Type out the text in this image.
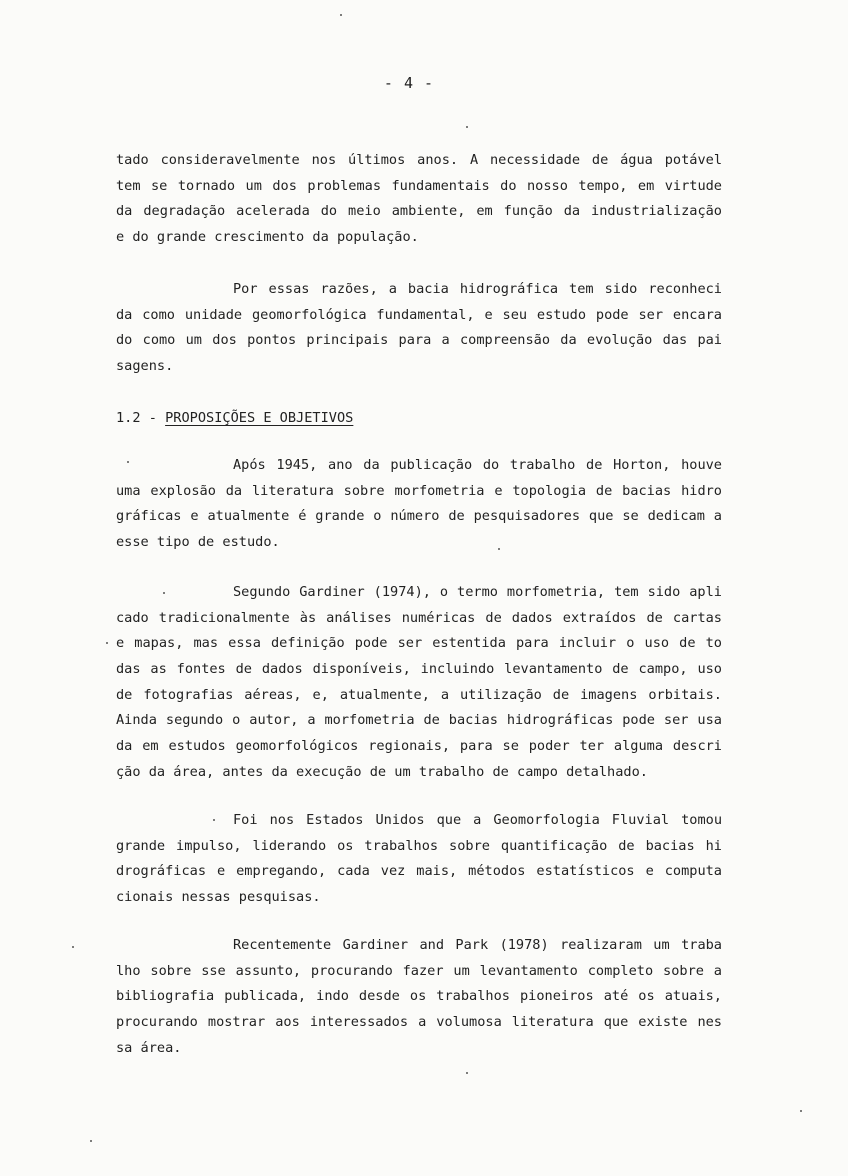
- 4 -
tado consideravelmente nos últimos anos. A necessidade de água potável
tem se tornado um dos problemas fundamentais do nosso tempo, em virtude
da degradação acelerada do meio ambiente, em função da industrialização
e do grande crescimento da população.
Por essas razões, a bacia hidrográfica tem sido reconheci
da como unidade geomorfológica fundamental, e seu estudo pode ser encara
do como um dos pontos principais para a compreensão da evolução das pai
sagens.
1.2 - PROPOSIÇÕES E OBJETIVOS
Após 1945, ano da publicação do trabalho de Horton, houve
uma explosão da literatura sobre morfometria e topologia de bacias hidro
gráficas e atualmente é grande o número de pesquisadores que se dedicam a
esse tipo de estudo.
Segundo Gardiner (1974), o termo morfometria, tem sido apli
cado tradicionalmente às análises numéricas de dados extraídos de cartas
e mapas, mas essa definição pode ser estentida para incluir o uso de to
das as fontes de dados disponíveis, incluindo levantamento de campo, uso
de fotografias aéreas, e, atualmente, a utilização de imagens orbitais.
Ainda segundo o autor, a morfometria de bacias hidrográficas pode ser usa
da em estudos geomorfológicos regionais, para se poder ter alguma descri
ção da área, antes da execução de um trabalho de campo detalhado.
Foi nos Estados Unidos que a Geomorfologia Fluvial tomou
grande impulso, liderando os trabalhos sobre quantificação de bacias hi
drográficas e empregando, cada vez mais, métodos estatísticos e computa
cionais nessas pesquisas.
Recentemente Gardiner and Park (1978) realizaram um traba
lho sobre sse assunto, procurando fazer um levantamento completo sobre a
bibliografia publicada, indo desde os trabalhos pioneiros até os atuais,
procurando mostrar aos interessados a volumosa literatura que existe nes
sa área.
